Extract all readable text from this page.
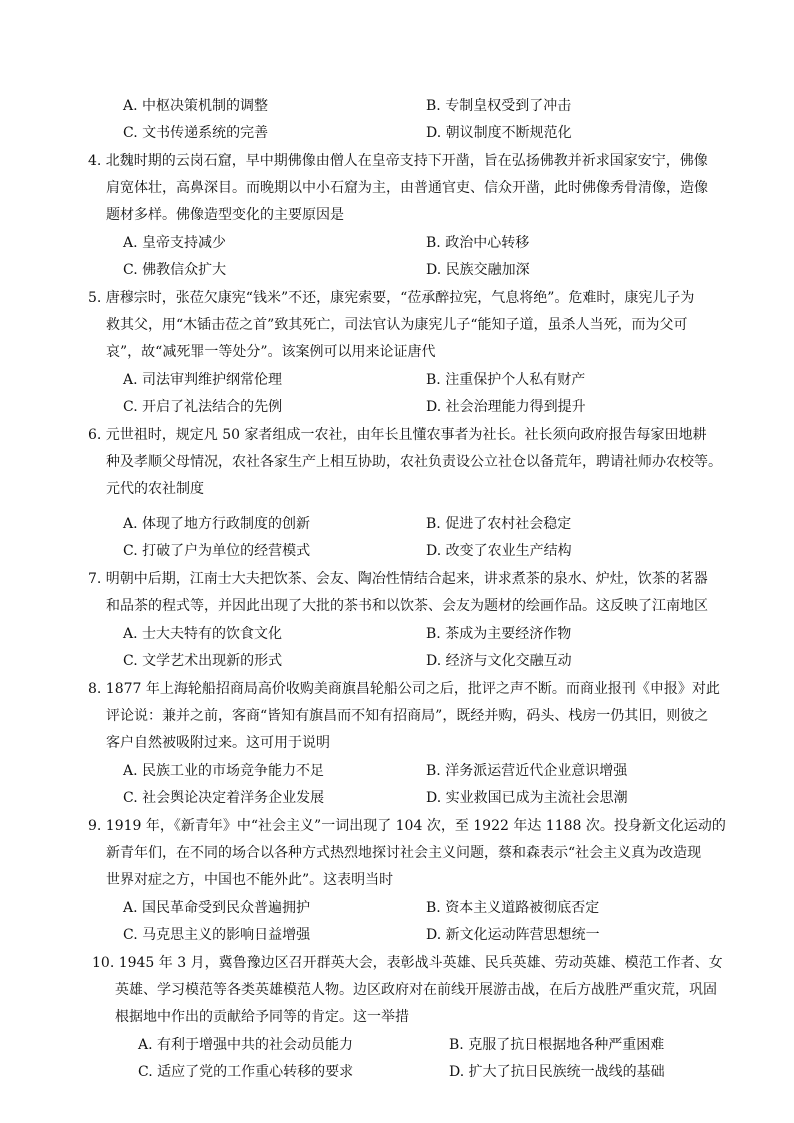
A. 中枢决策机制的调整	B. 专制皇权受到了冲击
C. 文书传递系统的完善	D. 朝议制度不断规范化
4. 北魏时期的云岗石窟，早中期佛像由僧人在皇帝支持下开凿，旨在弘扬佛教并祈求国家安宁，佛像
肩宽体壮，高鼻深目。而晚期以中小石窟为主，由普通官吏、信众开凿，此时佛像秀骨清像，造像
题材多样。佛像造型变化的主要原因是
A. 皇帝支持减少	B. 政治中心转移
C. 佛教信众扩大	D. 民族交融加深
5. 唐穆宗时，张莅欠康宪“钱米”不还，康宪索要，“莅承醉拉宪，气息将绝”。危难时，康宪儿子为
救其父，用“木锸击莅之首”致其死亡，司法官认为康宪儿子“能知子道，虽杀人当死，而为父可
哀”，故“减死罪一等处分”。该案例可以用来论证唐代
A. 司法审判维护纲常伦理	B. 注重保护个人私有财产
C. 开启了礼法结合的先例	D. 社会治理能力得到提升
6. 元世祖时，规定凡 50 家者组成一农社，由年长且懂农事者为社长。社长须向政府报告每家田地耕
种及孝顺父母情况，农社各家生产上相互协助，农社负责设公立社仓以备荒年，聘请社师办农校等。
元代的农社制度
A. 体现了地方行政制度的创新	B. 促进了农村社会稳定
C. 打破了户为单位的经营模式	D. 改变了农业生产结构
7. 明朝中后期，江南士大夫把饮茶、会友、陶冶性情结合起来，讲求煮茶的泉水、炉灶，饮茶的茗器
和品茶的程式等，并因此出现了大批的茶书和以饮茶、会友为题材的绘画作品。这反映了江南地区
A. 士大夫特有的饮食文化	B. 茶成为主要经济作物
C. 文学艺术出现新的形式	D. 经济与文化交融互动
8. 1877 年上海轮船招商局高价收购美商旗昌轮船公司之后，批评之声不断。而商业报刊《申报》对此
评论说：兼并之前，客商“皆知有旗昌而不知有招商局”，既经并购，码头、栈房一仍其旧，则彼之
客户自然被吸附过来。这可用于说明
A. 民族工业的市场竞争能力不足	B. 洋务派运营近代企业意识增强
C. 社会舆论决定着洋务企业发展	D. 实业救国已成为主流社会思潮
9. 1919 年，《新青年》中“社会主义”一词出现了 104 次，至 1922 年达 1188 次。投身新文化运动的
新青年们，在不同的场合以各种方式热烈地探讨社会主义问题，蔡和森表示“社会主义真为改造现
世界对症之方，中国也不能外此”。这表明当时
A. 国民革命受到民众普遍拥护	B. 资本主义道路被彻底否定
C. 马克思主义的影响日益增强	D. 新文化运动阵营思想统一
10. 1945 年 3 月，冀鲁豫边区召开群英大会，表彰战斗英雄、民兵英雄、劳动英雄、模范工作者、女
英雄、学习模范等各类英雄模范人物。边区政府对在前线开展游击战，在后方战胜严重灾荒，巩固
根据地中作出的贡献给予同等的肯定。这一举措
A. 有利于增强中共的社会动员能力	B. 克服了抗日根据地各种严重困难
C. 适应了党的工作重心转移的要求	D. 扩大了抗日民族统一战线的基础
